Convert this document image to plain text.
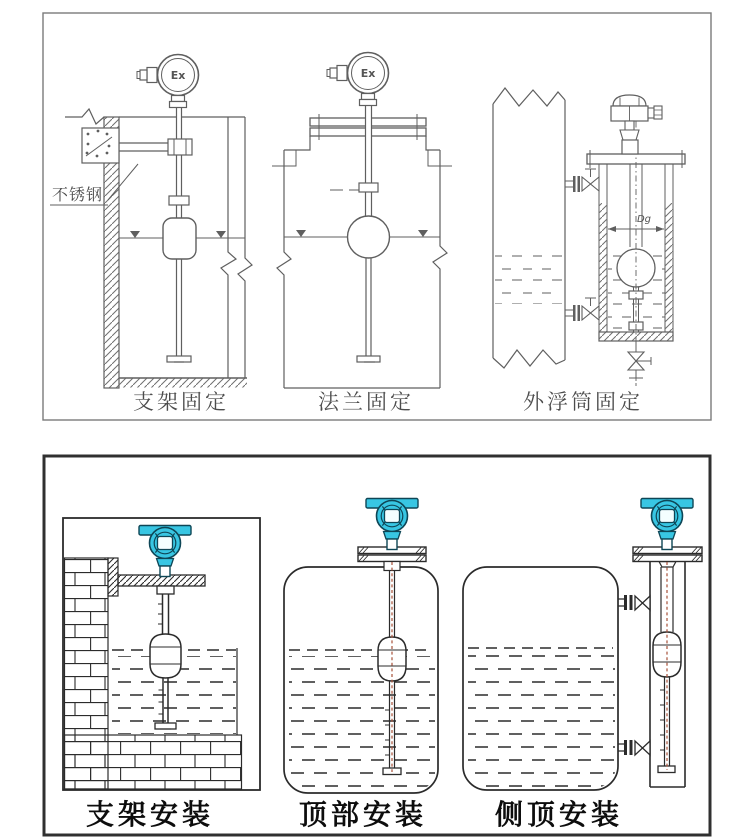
Ex
不锈钢
支架固定
Ex
法兰固定
Dg
外浮筒固定
支架安装	顶部安装 侧顶安装
